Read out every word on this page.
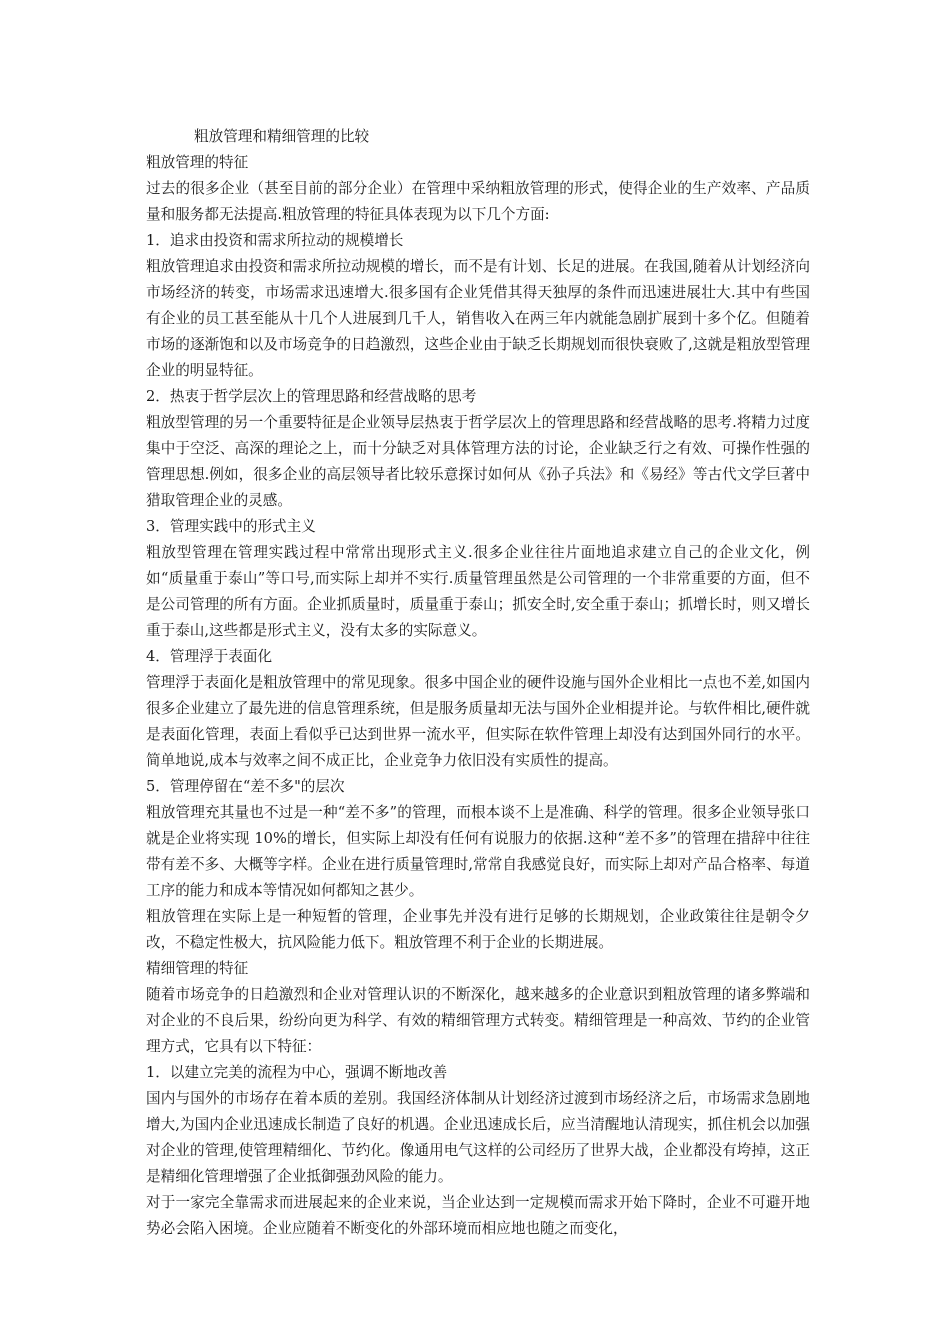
粗放管理和精细管理的比较

粗放管理的特征

过去的很多企业（甚至目前的部分企业）在管理中采纳粗放管理的形式，使得企业的生产效率、产品质量和服务都无法提高.粗放管理的特征具体表现为以下几个方面:

1．追求由投资和需求所拉动的规模增长

粗放管理追求由投资和需求所拉动规模的增长，而不是有计划、长足的进展。在我国,随着从计划经济向市场经济的转变，市场需求迅速增大.很多国有企业凭借其得天独厚的条件而迅速进展壮大.其中有些国有企业的员工甚至能从十几个人进展到几千人，销售收入在两三年内就能急剧扩展到十多个亿。但随着市场的逐渐饱和以及市场竞争的日趋激烈，这些企业由于缺乏长期规划而很快衰败了,这就是粗放型管理企业的明显特征。

2．热衷于哲学层次上的管理思路和经营战略的思考

粗放型管理的另一个重要特征是企业领导层热衷于哲学层次上的管理思路和经营战略的思考.将精力过度集中于空泛、高深的理论之上，而十分缺乏对具体管理方法的讨论，企业缺乏行之有效、可操作性强的管理思想.例如，很多企业的高层领导者比较乐意探讨如何从《孙子兵法》和《易经》等古代文学巨著中猎取管理企业的灵感。

3．管理实践中的形式主义

粗放型管理在管理实践过程中常常出现形式主义.很多企业往往片面地追求建立自己的企业文化，例如“质量重于泰山”等口号,而实际上却并不实行.质量管理虽然是公司管理的一个非常重要的方面，但不是公司管理的所有方面。企业抓质量时，质量重于泰山；抓安全时,安全重于泰山；抓增长时，则又增长重于泰山,这些都是形式主义，没有太多的实际意义。

4．管理浮于表面化

管理浮于表面化是粗放管理中的常见现象。很多中国企业的硬件设施与国外企业相比一点也不差,如国内很多企业建立了最先进的信息管理系统，但是服务质量却无法与国外企业相提并论。与软件相比,硬件就是表面化管理，表面上看似乎已达到世界一流水平，但实际在软件管理上却没有达到国外同行的水平。简单地说,成本与效率之间不成正比，企业竞争力依旧没有实质性的提高。

5．管理停留在“差不多"的层次

粗放管理充其量也不过是一种“差不多”的管理，而根本谈不上是准确、科学的管理。很多企业领导张口就是企业将实现 10%的增长，但实际上却没有任何有说服力的依据.这种“差不多”的管理在措辞中往往带有差不多、大概等字样。企业在进行质量管理时,常常自我感觉良好，而实际上却对产品合格率、每道工序的能力和成本等情况如何都知之甚少。

粗放管理在实际上是一种短暂的管理，企业事先并没有进行足够的长期规划，企业政策往往是朝令夕改，不稳定性极大，抗风险能力低下。粗放管理不利于企业的长期进展。

精细管理的特征

随着市场竞争的日趋激烈和企业对管理认识的不断深化，越来越多的企业意识到粗放管理的诸多弊端和对企业的不良后果，纷纷向更为科学、有效的精细管理方式转变。精细管理是一种高效、节约的企业管理方式，它具有以下特征：

1．以建立完美的流程为中心，强调不断地改善

国内与国外的市场存在着本质的差别。我国经济体制从计划经济过渡到市场经济之后，市场需求急剧地增大,为国内企业迅速成长制造了良好的机遇。企业迅速成长后，应当清醒地认清现实，抓住机会以加强对企业的管理,使管理精细化、节约化。像通用电气这样的公司经历了世界大战，企业都没有垮掉，这正是精细化管理增强了企业抵御强劲风险的能力。

对于一家完全靠需求而进展起来的企业来说，当企业达到一定规模而需求开始下降时，企业不可避开地势必会陷入困境。企业应随着不断变化的外部环境而相应地也随之而变化，
